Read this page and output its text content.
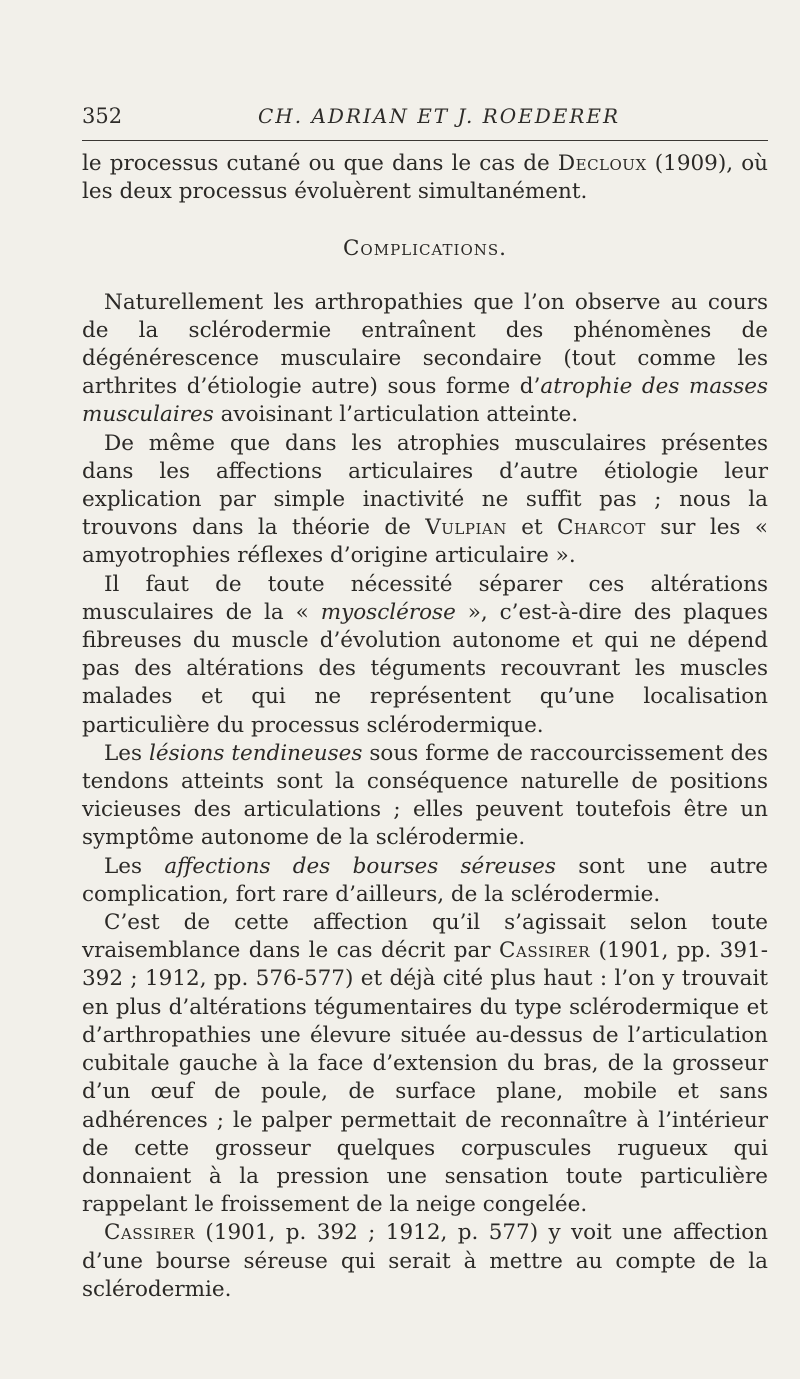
352	CH. ADRIAN ET J. ROEDERER

le processus cutané ou que dans le cas de Decloux (1909), où les deux processus évoluèrent simultanément.

Complications.

Naturellement les arthropathies que l’on observe au cours de la sclérodermie entraînent des phénomènes de dégénérescence musculaire secondaire (tout comme les arthrites d’étiologie autre) sous forme d’atrophie des masses musculaires avoisinant l’articulation atteinte.

De même que dans les atrophies musculaires présentes dans les affections articulaires d’autre étiologie leur explication par simple inactivité ne suffit pas ; nous la trouvons dans la théorie de Vulpian et Charcot sur les « amyotrophies réflexes d’origine articulaire ».

Il faut de toute nécessité séparer ces altérations musculaires de la « myosclérose », c’est-à-dire des plaques fibreuses du muscle d’évolution autonome et qui ne dépend pas des altérations des téguments recouvrant les muscles malades et qui ne représentent qu’une localisation particulière du processus sclérodermique.

Les lésions tendineuses sous forme de raccourcissement des tendons atteints sont la conséquence naturelle de positions vicieuses des articulations ; elles peuvent toutefois être un symptôme autonome de la sclérodermie.

Les affections des bourses séreuses sont une autre complication, fort rare d’ailleurs, de la sclérodermie.

C’est de cette affection qu’il s’agissait selon toute vraisemblance dans le cas décrit par Cassirer (1901, pp. 391-392 ; 1912, pp. 576-577) et déjà cité plus haut : l’on y trouvait en plus d’altérations tégumentaires du type sclérodermique et d’arthropathies une élevure située au-dessus de l’articulation cubitale gauche à la face d’extension du bras, de la grosseur d’un œuf de poule, de surface plane, mobile et sans adhérences ; le palper permettait de reconnaître à l’intérieur de cette grosseur quelques corpuscules rugueux qui donnaient à la pression une sensation toute particulière rappelant le froissement de la neige congelée.

Cassirer (1901, p. 392 ; 1912, p. 577) y voit une affection d’une bourse séreuse qui serait à mettre au compte de la sclérodermie.
